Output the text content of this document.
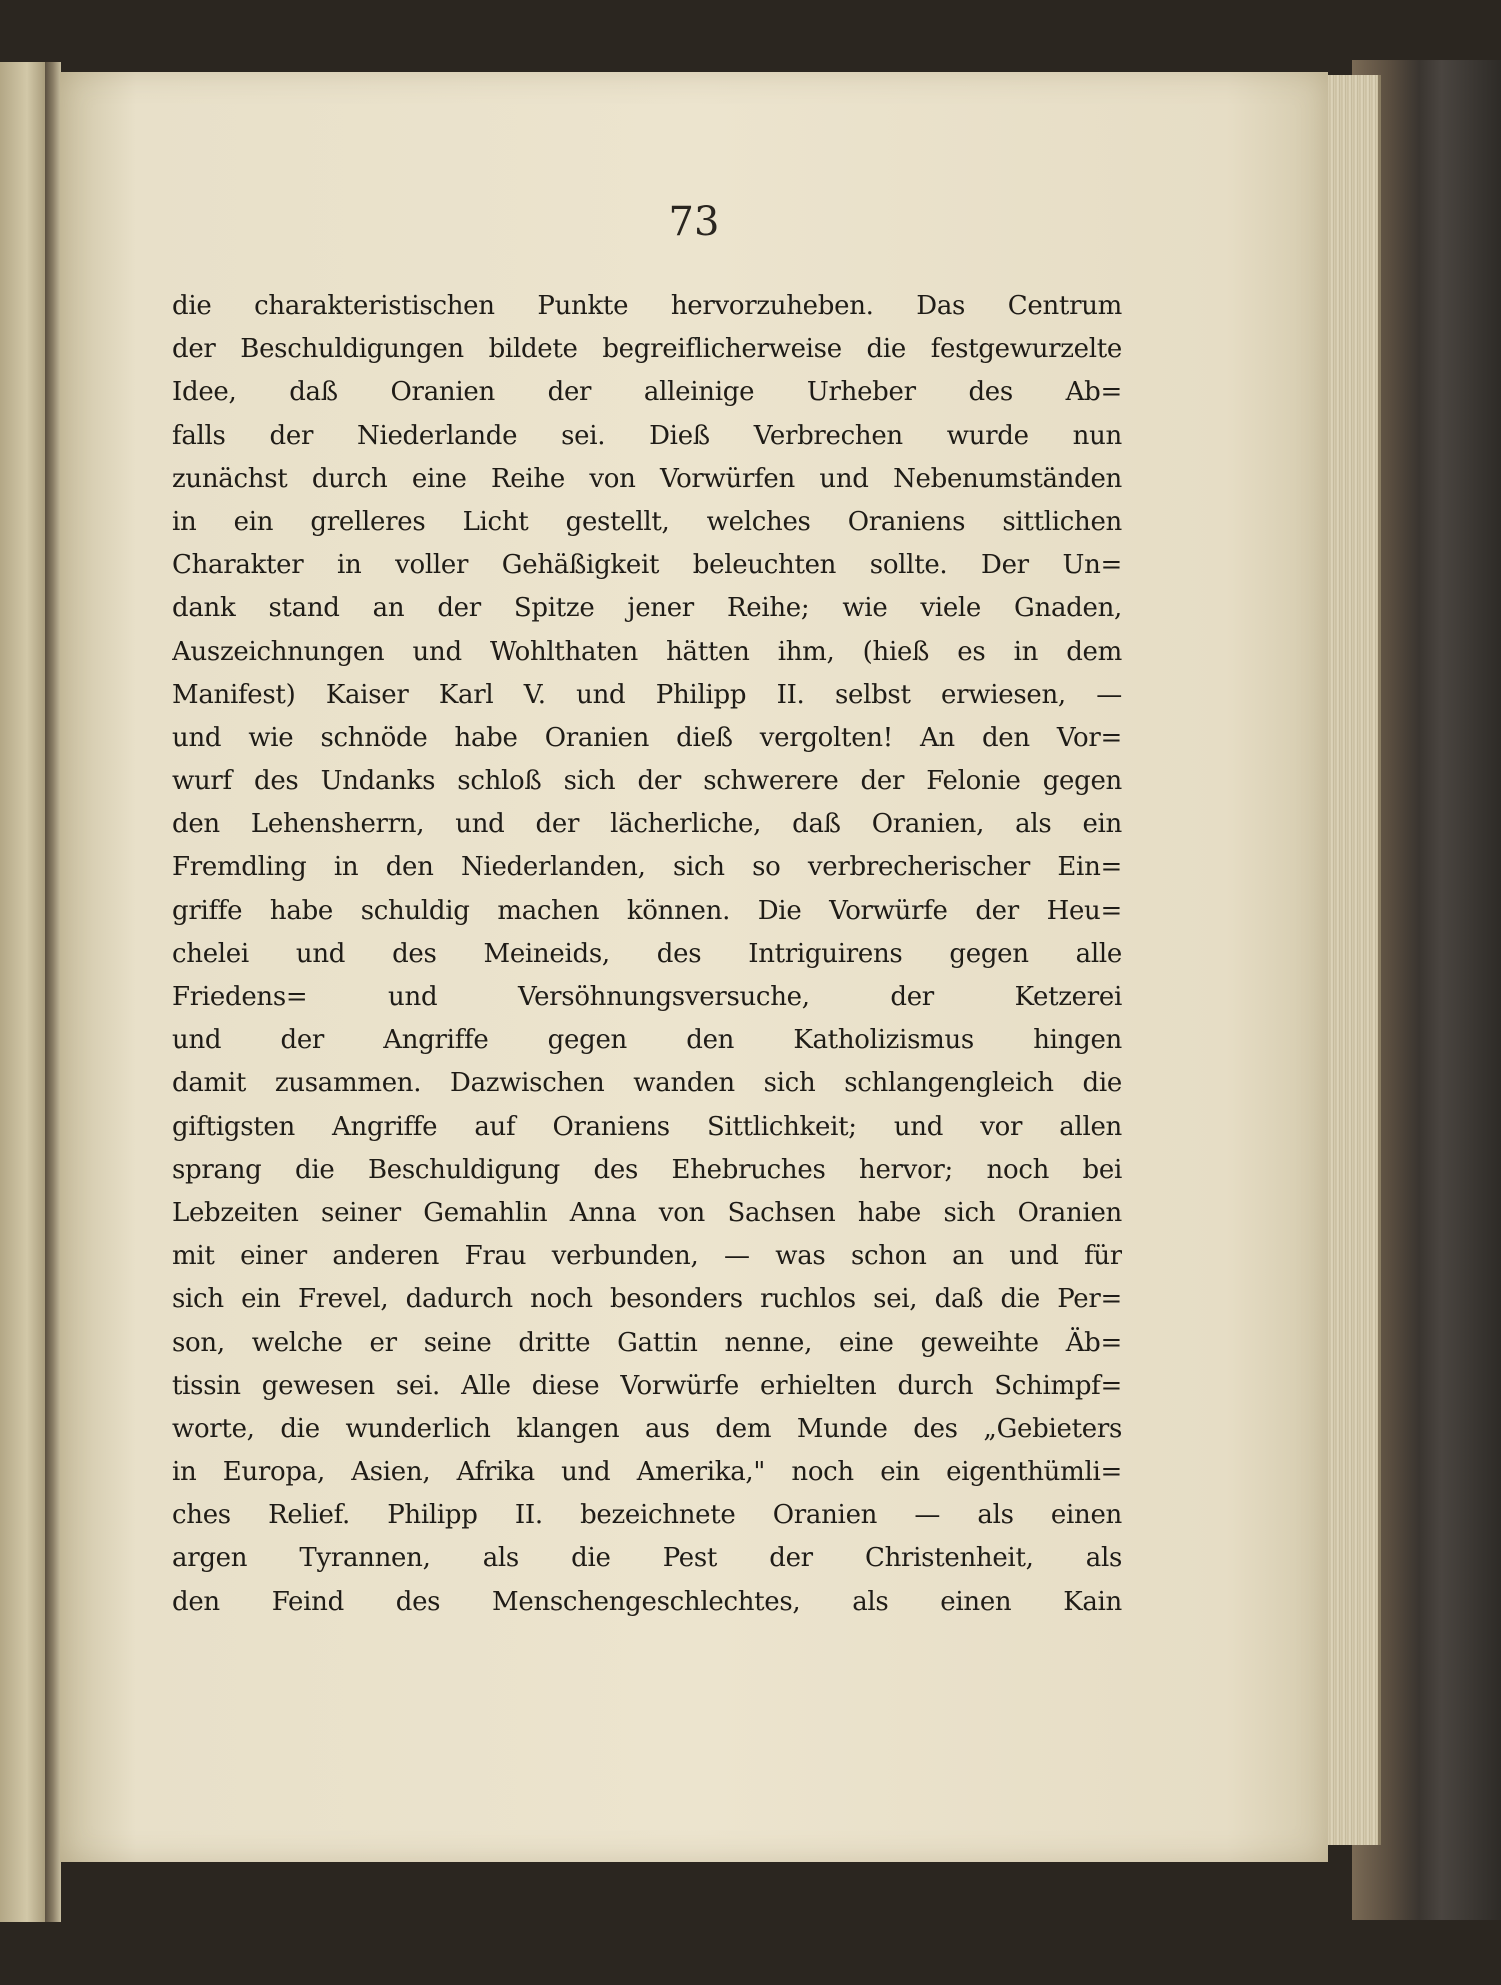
73
die charakteristischen Punkte hervorzuheben. Das Centrum
der Beschuldigungen bildete begreiflicherweise die festgewurzelte
Idee, daß Oranien der alleinige Urheber des Ab=
falls der Niederlande sei. Dieß Verbrechen wurde nun
zunächst durch eine Reihe von Vorwürfen und Nebenumständen
in ein grelleres Licht gestellt, welches Oraniens sittlichen
Charakter in voller Gehäßigkeit beleuchten sollte. Der Un=
dank stand an der Spitze jener Reihe; wie viele Gnaden,
Auszeichnungen und Wohlthaten hätten ihm, (hieß es in dem
Manifest) Kaiser Karl V. und Philipp II. selbst erwiesen, —
und wie schnöde habe Oranien dieß vergolten! An den Vor=
wurf des Undanks schloß sich der schwerere der Felonie gegen
den Lehensherrn, und der lächerliche, daß Oranien, als ein
Fremdling in den Niederlanden, sich so verbrecherischer Ein=
griffe habe schuldig machen können. Die Vorwürfe der Heu=
chelei und des Meineids, des Intriguirens gegen alle
Friedens= und Versöhnungsversuche, der Ketzerei
und der Angriffe gegen den Katholizismus hingen
damit zusammen. Dazwischen wanden sich schlangengleich die
giftigsten Angriffe auf Oraniens Sittlichkeit; und vor allen
sprang die Beschuldigung des Ehebruches hervor; noch bei
Lebzeiten seiner Gemahlin Anna von Sachsen habe sich Oranien
mit einer anderen Frau verbunden, — was schon an und für
sich ein Frevel, dadurch noch besonders ruchlos sei, daß die Per=
son, welche er seine dritte Gattin nenne, eine geweihte Äb=
tissin gewesen sei. Alle diese Vorwürfe erhielten durch Schimpf=
worte, die wunderlich klangen aus dem Munde des „Gebieters
in Europa, Asien, Afrika und Amerika," noch ein eigenthümli=
ches Relief. Philipp II. bezeichnete Oranien — als einen
argen Tyrannen, als die Pest der Christenheit, als
den Feind des Menschengeschlechtes, als einen Kain
